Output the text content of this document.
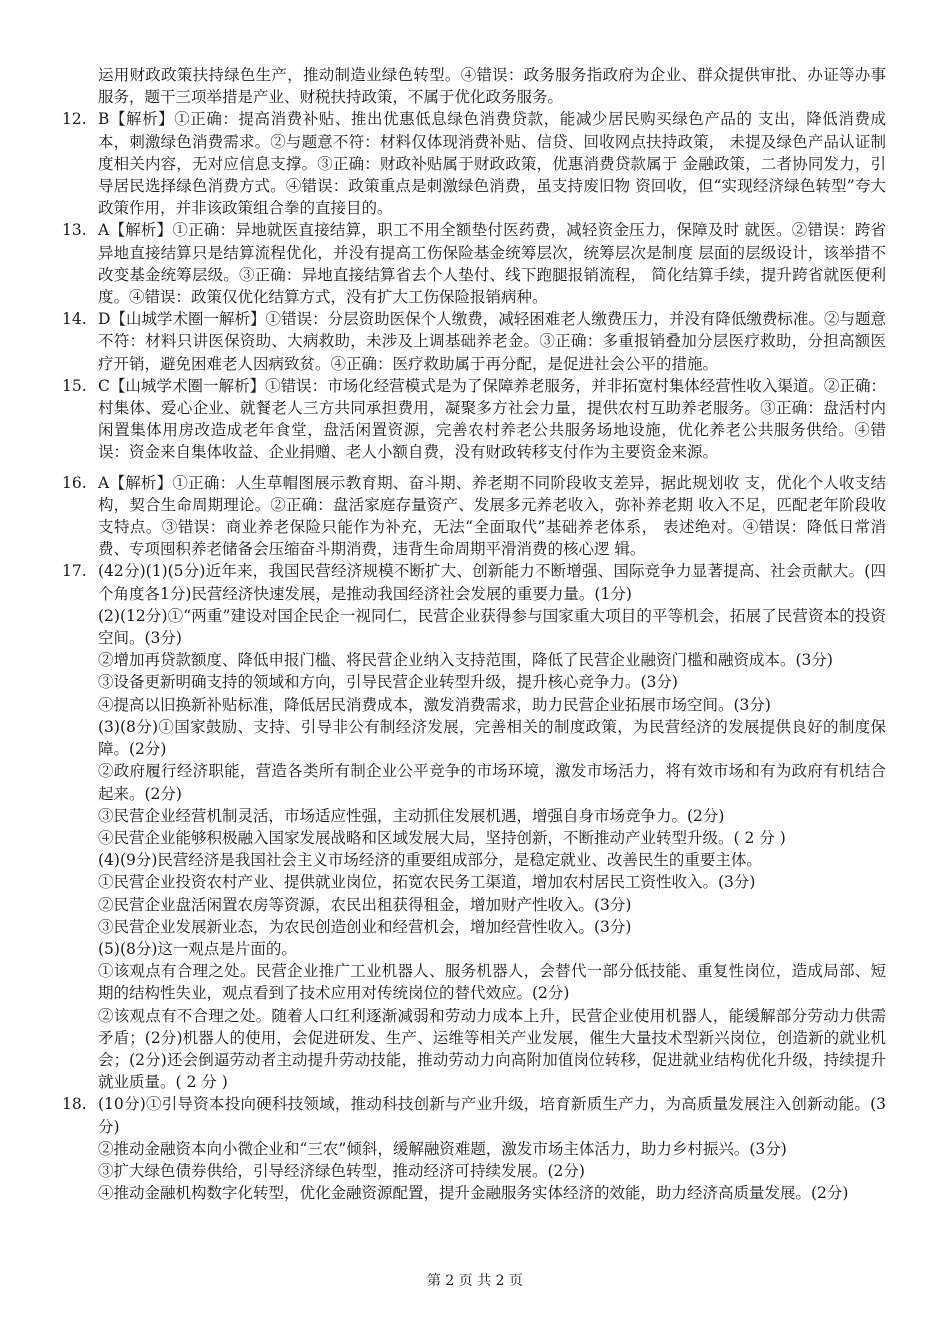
运用财政政策扶持绿色生产，推动制造业绿色转型。④错误：政务服务指政府为企业、群众提供审批、办证等办事服务，题干三项举措是产业、财税扶持政策，不属于优化政务服务。

12. B【解析】①正确：提高消费补贴、推出优惠低息绿色消费贷款，能减少居民购买绿色产品的 支出，降低消费成本，刺激绿色消费需求。②与题意不符：材料仅体现消费补贴、信贷、回收网点扶持政策， 未提及绿色产品认证制度相关内容，无对应信息支撑。③正确：财政补贴属于财政政策，优惠消费贷款属于 金融政策，二者协同发力，引导居民选择绿色消费方式。④错误：政策重点是刺激绿色消费，虽支持废旧物 资回收，但“实现经济绿色转型”夸大政策作用，并非该政策组合拳的直接目的。
13. A【解析】①正确：异地就医直接结算，职工不用全额垫付医药费，减轻资金压力，保障及时 就医。②错误：跨省异地直接结算只是结算流程优化，并没有提高工伤保险基金统筹层次，统筹层次是制度 层面的层级设计，该举措不改变基金统筹层级。③正确：异地直接结算省去个人垫付、线下跑腿报销流程， 简化结算手续，提升跨省就医便利度。④错误：政策仅优化结算方式，没有扩大工伤保险报销病种。
14. D【山城学术圈一解析】①错误：分层资助医保个人缴费，减轻困难老人缴费压力，并没有降低缴费标准。②与题意不符：材料只讲医保资助、大病救助，未涉及上调基础养老金。③正确：多重报销叠加分层医疗救助，分担高额医疗开销，避免困难老人因病致贫。④正确：医疗救助属于再分配，是促进社会公平的措施。
15. C【山城学术圈一解析】①错误：市场化经营模式是为了保障养老服务，并非拓宽村集体经营性收入渠道。②正确：村集体、爱心企业、就餐老人三方共同承担费用，凝聚多方社会力量，提供农村互助养老服务。③正确：盘活村内闲置集体用房改造成老年食堂，盘活闲置资源，完善农村养老公共服务场地设施，优化养老公共服务供给。④错误：资金来自集体收益、企业捐赠、老人小额自费，没有财政转移支付作为主要资金来源。
16. A【解析】①正确：人生草帽图展示教育期、奋斗期、养老期不同阶段收支差异，据此规划收 支，优化个人收支结构，契合生命周期理论。②正确：盘活家庭存量资产、发展多元养老收入，弥补养老期 收入不足，匹配老年阶段收支特点。③错误：商业养老保险只能作为补充，无法“全面取代”基础养老体系， 表述绝对。④错误：降低日常消费、专项囤积养老储备会压缩奋斗期消费，违背生命周期平滑消费的核心逻 辑。
17. (42分)(1)(5分)近年来，我国民营经济规模不断扩大、创新能力不断增强、国际竞争力显著提高、社会贡献大。(四个角度各1分)民营经济快速发展，是推动我国经济社会发展的重要力量。(1分)

(2)(12分)①“两重”建设对国企民企一视同仁，民营企业获得参与国家重大项目的平等机会，拓展了民营资本的投资空间。(3分)

②增加再贷款额度、降低申报门槛、将民营企业纳入支持范围，降低了民营企业融资门槛和融资成本。(3分)

③设备更新明确支持的领域和方向，引导民营企业转型升级，提升核心竞争力。(3分)

④提高以旧换新补贴标准，降低居民消费成本，激发消费需求，助力民营企业拓展市场空间。(3分)

(3)(8分)①国家鼓励、支持、引导非公有制经济发展，完善相关的制度政策，为民营经济的发展提供良好的制度保障。(2分)

②政府履行经济职能，营造各类所有制企业公平竞争的市场环境，激发市场活力，将有效市场和有为政府有机结合起来。(2分)

③民营企业经营机制灵活，市场适应性强，主动抓住发展机遇，增强自身市场竞争力。(2分)

④民营企业能够积极融入国家发展战略和区域发展大局，坚持创新，不断推动产业转型升级。( 2 分 )

(4)(9分)民营经济是我国社会主义市场经济的重要组成部分，是稳定就业、改善民生的重要主体。

①民营企业投资农村产业、提供就业岗位，拓宽农民务工渠道，增加农村居民工资性收入。(3分)

②民营企业盘活闲置农房等资源，农民出租获得租金，增加财产性收入。(3分)

③民营企业发展新业态，为农民创造创业和经营机会，增加经营性收入。(3分)

(5)(8分)这一观点是片面的。

①该观点有合理之处。民营企业推广工业机器人、服务机器人，会替代一部分低技能、重复性岗位，造成局部、短期的结构性失业，观点看到了技术应用对传统岗位的替代效应。(2分)

②该观点有不合理之处。随着人口红利逐渐减弱和劳动力成本上升，民营企业使用机器人，能缓解部分劳动力供需矛盾；(2分)机器人的使用，会促进研发、生产、运维等相关产业发展，催生大量技术型新兴岗位，创造新的就业机会；(2分)还会倒逼劳动者主动提升劳动技能，推动劳动力向高附加值岗位转移，促进就业结构优化升级，持续提升就业质量。( 2 分 )

18. (10分)①引导资本投向硬科技领域，推动科技创新与产业升级，培育新质生产力，为高质量发展注入创新动能。(3分)

②推动金融资本向小微企业和“三农”倾斜，缓解融资难题，激发市场主体活力，助力乡村振兴。(3分)

③扩大绿色债券供给，引导经济绿色转型，推动经济可持续发展。(2分)

④推动金融机构数字化转型，优化金融资源配置，提升金融服务实体经济的效能，助力经济高质量发展。(2分)

第 2 页 共 2 页
